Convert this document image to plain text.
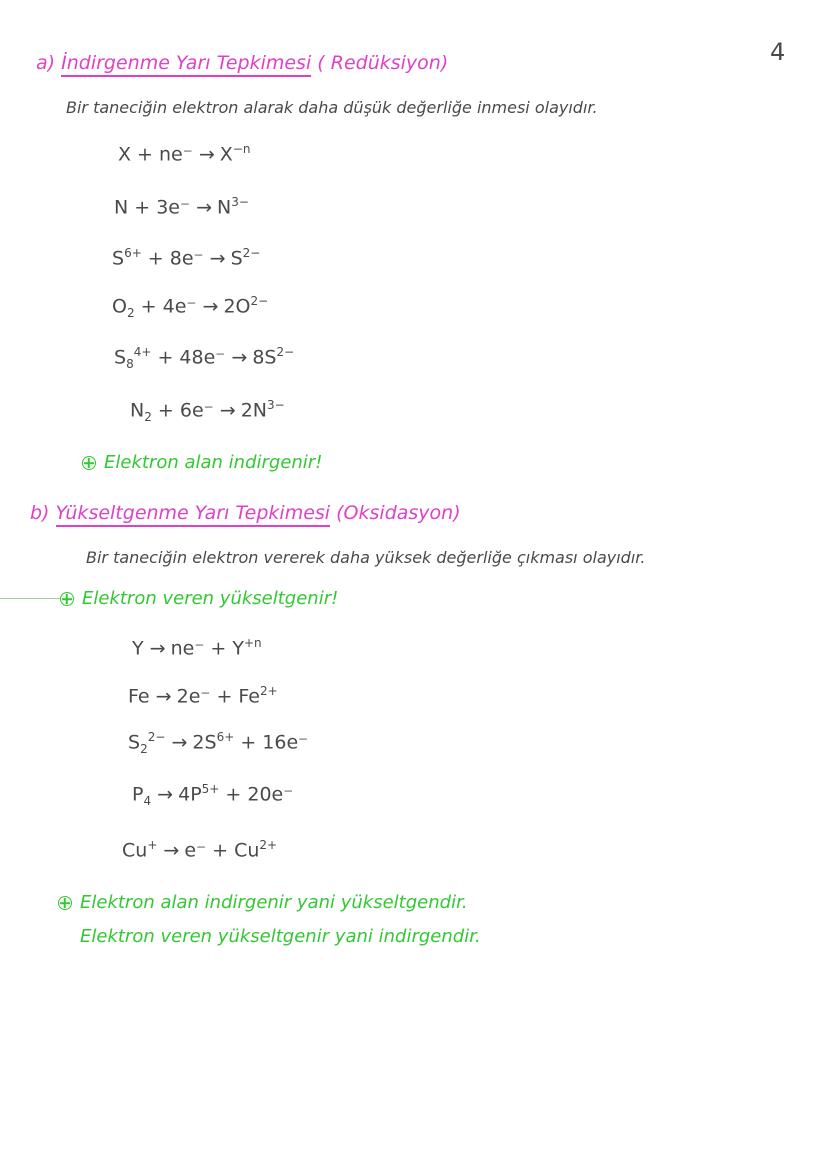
4
a) İndirgenme Yarı Tepkimesi ( Redüksiyon)
Bir taneciğin elektron alarak daha düşük değerliğe inmesi olayıdır.
$X + ne^- \to X^{-n}$
$N + 3e^- \to N^{3-}$
$S^{6+} + 8e^- \to S^{2-}$
$O_2 + 4e^- \to 2O^{2-}$
$S_8^{4+} + 48e^- \to 8S^{2-}$
$N_2 + 6e^- \to 2N^{3-}$
Elektron alan indirgenir!
b) Yükseltgenme Yarı Tepkimesi (Oksidasyon)
Bir taneciğin elektron vererek daha yüksek değerliğe çıkması olayıdır.
Elektron veren yükseltgenir!
$Y \to ne^- + Y^{+n}$
$Fe \to 2e^- + Fe^{2+}$
$S_2^{2-} \to 2S^{6+} + 16e^-$
$P_4 \to 4P^{5+} + 20e^-$
$Cu^+ \to e^- + Cu^{2+}$
Elektron alan indirgenir yani yükseltgendir.
Elektron veren yükseltgenir yani indirgendir.
